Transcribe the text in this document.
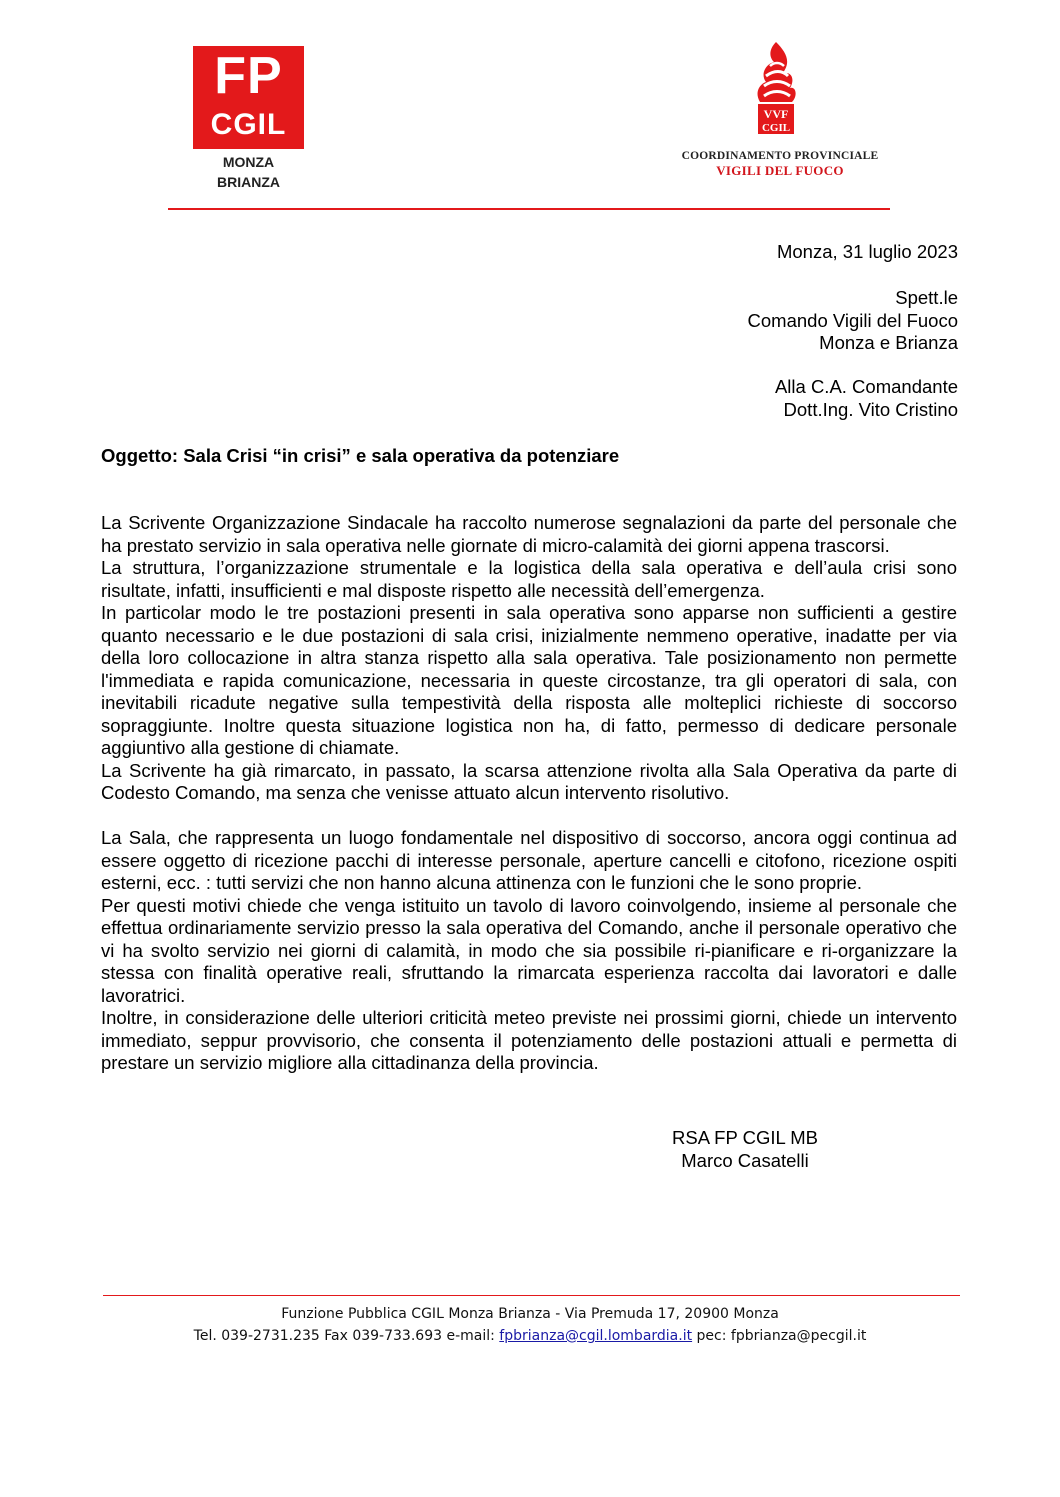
FP
CGIL
MONZA BRIANZA
VVF
CGIL
COORDINAMENTO PROVINCIALE
VIGILI DEL FUOCO
Monza, 31 luglio 2023
Spett.le
Comando Vigili del Fuoco
Monza e Brianza
Alla C.A. Comandante
Dott.Ing. Vito Cristino
Oggetto: Sala Crisi “in crisi” e sala operativa da potenziare

La Scrivente Organizzazione Sindacale ha raccolto numerose segnalazioni da parte del personale che ha prestato servizio in sala operativa nelle giornate di micro-calamità dei giorni appena trascorsi.

La struttura, l’organizzazione strumentale e la logistica della sala operativa e dell’aula crisi sono risultate, infatti, insufficienti e mal disposte rispetto alle necessità dell’emergenza.

In particolar modo le tre postazioni presenti in sala operativa sono apparse non sufficienti a gestire quanto necessario e le due postazioni di sala crisi, inizialmente nemmeno operative, inadatte per via della loro collocazione in altra stanza rispetto alla sala operativa. Tale posizionamento non permette l'immediata e rapida comunicazione, necessaria in queste circostanze, tra gli operatori di sala, con inevitabili ricadute negative sulla tempestività della risposta alle molteplici richieste di soccorso sopraggiunte. Inoltre questa situazione logistica non ha, di fatto, permesso di dedicare personale aggiuntivo alla gestione di chiamate.

La Scrivente ha già rimarcato, in passato, la scarsa attenzione rivolta alla Sala Operativa da parte di Codesto Comando, ma senza che venisse attuato alcun intervento risolutivo.

La Sala, che rappresenta un luogo fondamentale nel dispositivo di soccorso, ancora oggi continua ad essere oggetto di ricezione pacchi di interesse personale, aperture cancelli e citofono, ricezione ospiti esterni, ecc. : tutti servizi che non hanno alcuna attinenza con le funzioni che le sono proprie.

Per questi motivi chiede che venga istituito un tavolo di lavoro coinvolgendo, insieme al personale che effettua ordinariamente servizio presso la sala operativa del Comando, anche il personale operativo che vi ha svolto servizio nei giorni di calamità, in modo che sia possibile ri-pianificare e ri-organizzare la stessa con finalità operative reali, sfruttando la rimarcata esperienza raccolta dai lavoratori e dalle lavoratrici.

Inoltre, in considerazione delle ulteriori criticità meteo previste nei prossimi giorni, chiede un intervento immediato, seppur provvisorio, che consenta il potenziamento delle postazioni attuali e permetta di prestare un servizio migliore alla cittadinanza della provincia.

RSA FP CGIL MB
Marco Casatelli
Funzione Pubblica CGIL Monza Brianza - Via Premuda 17, 20900 Monza
Tel. 039-2731.235 Fax 039-733.693 e-mail: fpbrianza@cgil.lombardia.it pec: fpbrianza@pecgil.it
